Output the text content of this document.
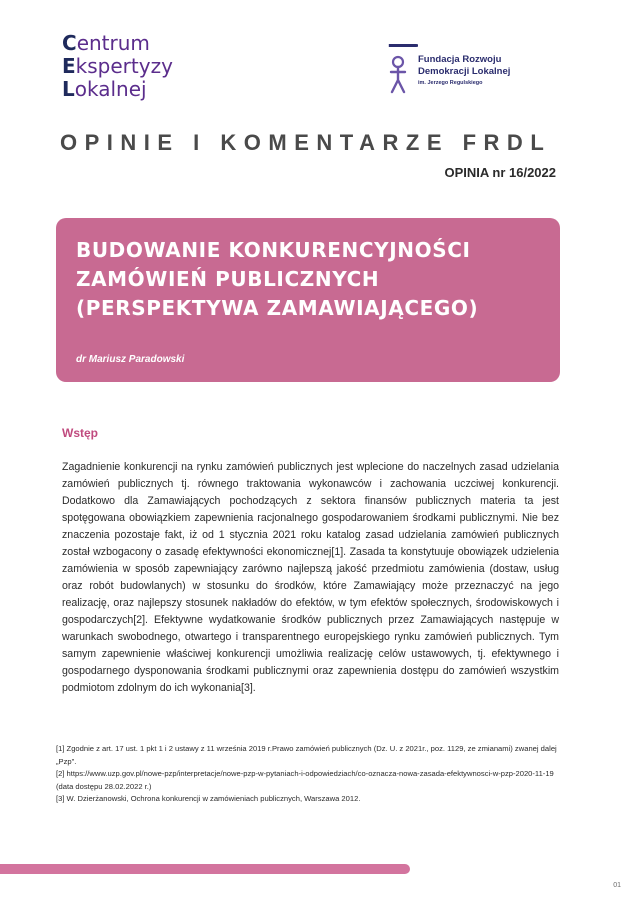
Centrum
Ekspertyzy
Lokalnej
Fundacja Rozwoju
Demokracji Lokalnej
im. Jerzego Regulskiego
OPINIE I KOMENTARZE FRDL
OPINIA nr 16/2022
BUDOWANIE KONKURENCYJNOŚCI
ZAMÓWIEŃ PUBLICZNYCH
(PERSPEKTYWA ZAMAWIAJĄCEGO)
dr Mariusz Paradowski
Wstęp
Zagadnienie konkurencji na rynku zamówień publicznych jest wplecione do naczelnych zasad udzielania zamówień publicznych tj. równego traktowania wykonawców i zachowania uczciwej konkurencji. Dodatkowo dla Zamawiających pochodzących z sektora finansów publicznych materia ta jest spotęgowana obowiązkiem zapewnienia racjonalnego gospodarowaniem środkami publicznymi. Nie bez znaczenia pozostaje fakt, iż od 1 stycznia 2021 roku katalog zasad udzielania zamówień publicznych został wzbogacony o zasadę efektywności ekonomicznej[1]. Zasada ta konstytuuje obowiązek udzielenia zamówienia w sposób zapewniający zarówno najlepszą jakość przedmiotu zamówienia (dostaw, usług oraz robót budowlanych) w stosunku do środków, które Zamawiający może przeznaczyć na jego realizację, oraz najlepszy stosunek nakładów do efektów, w tym efektów społecznych, środowiskowych i gospodarczych[2]. Efektywne wydatkowanie środków publicznych przez Zamawiających następuje w warunkach swobodnego, otwartego i transparentnego europejskiego rynku zamówień publicznych. Tym samym zapewnienie właściwej konkurencji umożliwia realizację celów ustawowych, tj. efektywnego i gospodarnego dysponowania środkami publicznymi oraz zapewnienia dostępu do zamówień wszystkim podmiotom zdolnym do ich wykonania[3].

[1] Zgodnie z art. 17 ust. 1 pkt 1 i 2 ustawy z 11 września 2019 r.Prawo zamówień publicznych (Dz. U. z 2021r., poz. 1129, ze zmianami) zwanej dalej „Pzp".

[2] https://www.uzp.gov.pl/nowe-pzp/interpretacje/nowe-pzp-w-pytaniach-i-odpowiedziach/co-oznacza-nowa-zasada-efektywnosci-w-pzp-2020-11-19 (data dostępu 28.02.2022 r.)

[3] W. Dzierżanowski, Ochrona konkurencji w zamówieniach publicznych, Warszawa 2012.

01
